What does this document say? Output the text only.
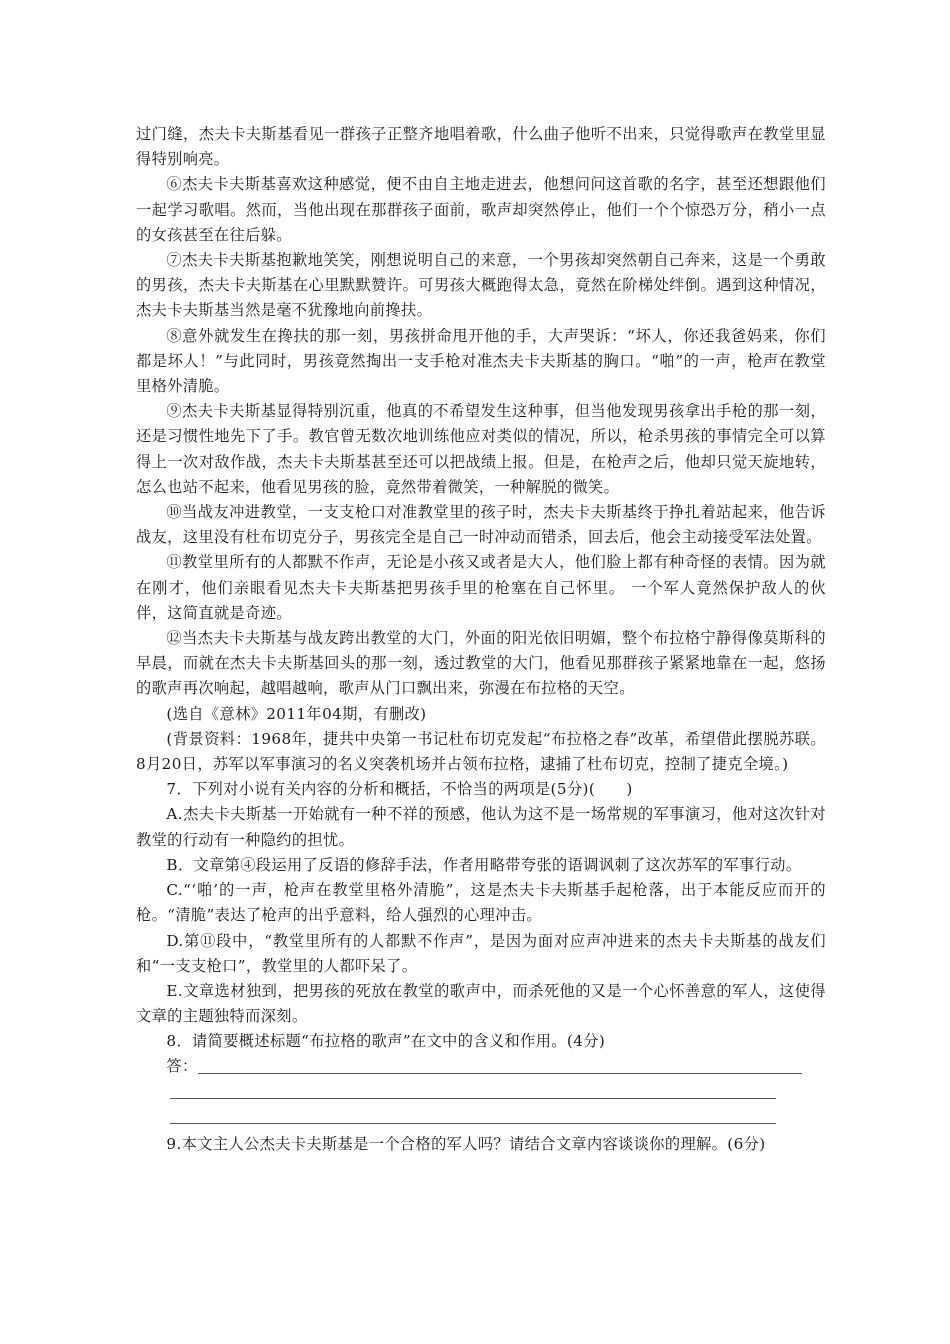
过门缝，杰夫卡夫斯基看见一群孩子正整齐地唱着歌，什么曲子他听不出来，只觉得歌声在教堂里显得特别响亮。

⑥杰夫卡夫斯基喜欢这种感觉，便不由自主地走进去，他想问问这首歌的名字，甚至还想跟他们一起学习歌唱。然而，当他出现在那群孩子面前，歌声却突然停止，他们一个个惊恐万分，稍小一点的女孩甚至在往后躲。

⑦杰夫卡夫斯基抱歉地笑笑，刚想说明自己的来意，一个男孩却突然朝自己奔来，这是一个勇敢的男孩，杰夫卡夫斯基在心里默默赞许。可男孩大概跑得太急，竟然在阶梯处绊倒。遇到这种情况，杰夫卡夫斯基当然是毫不犹豫地向前搀扶。

⑧意外就发生在搀扶的那一刻，男孩拼命甩开他的手，大声哭诉：“坏人，你还我爸妈来，你们都是坏人！”与此同时，男孩竟然掏出一支手枪对准杰夫卡夫斯基的胸口。“啪”的一声，枪声在教堂里格外清脆。

⑨杰夫卡夫斯基显得特别沉重，他真的不希望发生这种事，但当他发现男孩拿出手枪的那一刻，还是习惯性地先下了手。教官曾无数次地训练他应对类似的情况，所以，枪杀男孩的事情完全可以算得上一次对敌作战，杰夫卡夫斯基甚至还可以把战绩上报。但是，在枪声之后，他却只觉天旋地转，怎么也站不起来，他看见男孩的脸，竟然带着微笑，一种解脱的微笑。

⑩当战友冲进教堂，一支支枪口对准教堂里的孩子时，杰夫卡夫斯基终于挣扎着站起来，他告诉战友，这里没有杜布切克分子，男孩完全是自己一时冲动而错杀，回去后，他会主动接受军法处置。

⑪教堂里所有的人都默不作声，无论是小孩又或者是大人，他们脸上都有种奇怪的表情。因为就在刚才，他们亲眼看见杰夫卡夫斯基把男孩手里的枪塞在自己怀里。 一个军人竟然保护敌人的伙伴，这简直就是奇迹。

⑫当杰夫卡夫斯基与战友跨出教堂的大门，外面的阳光依旧明媚，整个布拉格宁静得像莫斯科的早晨，而就在杰夫卡夫斯基回头的那一刻，透过教堂的大门，他看见那群孩子紧紧地靠在一起，悠扬的歌声再次响起，越唱越响，歌声从门口飘出来，弥漫在布拉格的天空。

(选自《意林》2011年04期，有删改)

(背景资料：1968年，捷共中央第一书记杜布切克发起“布拉格之春”改革，希望借此摆脱苏联。8月20日，苏军以军事演习的名义突袭机场并占领布拉格，逮捕了杜布切克，控制了捷克全境。)

7．下列对小说有关内容的分析和概括，不恰当的两项是(5分)(　　)

A.杰夫卡夫斯基一开始就有一种不祥的预感，他认为这不是一场常规的军事演习，他对这次针对教堂的行动有一种隐约的担忧。

B．文章第④段运用了反语的修辞手法，作者用略带夸张的语调讽刺了这次苏军的军事行动。

C.“‘啪’的一声，枪声在教堂里格外清脆”，这是杰夫卡夫斯基手起枪落，出于本能反应而开的枪。“清脆”表达了枪声的出乎意料，给人强烈的心理冲击。

D.第⑪段中，“教堂里所有的人都默不作声”，是因为面对应声冲进来的杰夫卡夫斯基的战友们和“一支支枪口”，教堂里的人都吓呆了。

E.文章选材独到，把男孩的死放在教堂的歌声中，而杀死他的又是一个心怀善意的军人，这使得文章的主题独特而深刻。

8．请简要概述标题“布拉格的歌声”在文中的含义和作用。(4分)

答：

9.本文主人公杰夫卡夫斯基是一个合格的军人吗？请结合文章内容谈谈你的理解。(6分)
